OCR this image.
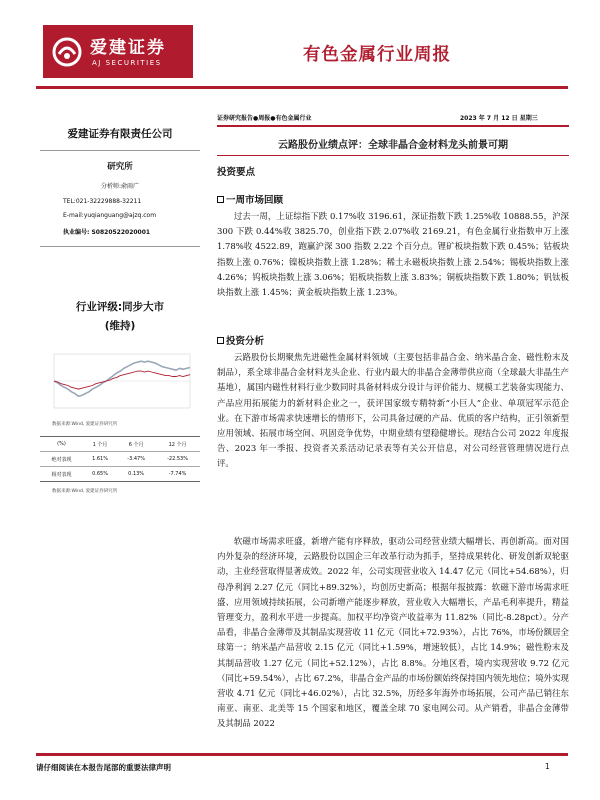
爱建证券
AJ SECURITIES	有色金属行业周报
爱建证券有限责任公司
研究所
分析师:俞雨广
TEL:021-32229888-32211
E-mail:yuqianguang@ajzq.com
执业编号: S0820522020001
行业评级:同步大市
(维持)
数据来源:Wind, 爱建证券研究所
(%)	1 个月	6 个月	12 个月
绝对表现	1.61%	-3.47%	-22.53%
相对表现	0.65%	0.13%	-7.74%
数据来源:Wind, 爱建证券研究所
证券研究报告●周报●有色金属行业	2023 年 7 月 12 日 星期三
云路股份业绩点评：全球非晶合金材料龙头前景可期
投资要点
一周市场回顾
过去一周，上证综指下跌 0.17%收 3196.61，深证指数下跌 1.25%收 10888.55，沪深 300 下跌 0.44%收 3825.70，创业指下跌 2.07%收 2169.21，有色金属行业指数申万上涨 1.78%收 4522.89，跑赢沪深 300 指数 2.22 个百分点。锂矿板块指数下跌 0.45%；钴板块指数上涨 0.76%；镍板块指数上涨 1.28%；稀土永磁板块指数上涨 2.54%；锡板块指数上涨 4.26%；钨板块指数上涨 3.06%；铝板块指数上涨 3.83%；铜板块指数下跌 1.80%；钒钛板块指数上涨 1.45%；黄金板块指数上涨 1.23%。
投资分析
云路股份长期聚焦先进磁性金属材料领域（主要包括非晶合金、纳米晶合金、磁性粉末及制品），系全球非晶合金材料龙头企业、行业内最大的非晶合金薄带供应商（全球最大非晶生产基地），属国内磁性材料行业少数同时具备材料成分设计与评价能力、规模工艺装备实现能力、产品应用拓展能力的新材料企业之一，获评国家级专精特新“小巨人”企业、单项冠军示范企业。在下游市场需求快速增长的情形下，公司具备过硬的产品、优质的客户结构，正引领新型应用领域、拓展市场空间、巩固竞争优势，中期业绩有望稳健增长。现结合公司 2022 年度报告、2023 年一季报、投资者关系活动记录表等有关公开信息，对公司经营管理情况进行点评。
软磁市场需求旺盛，新增产能有序释放，驱动公司经营业绩大幅增长、再创新高。面对国内外复杂的经济环境，云路股份以国企三年改革行动为抓手，坚持成果转化、研发创新双轮驱动，主业经营取得显著成效。2022 年，公司实现营业收入 14.47 亿元（同比+54.68%），归母净利润 2.27 亿元（同比+89.32%），均创历史新高；根据年报披露：软磁下游市场需求旺盛、应用领域持续拓展，公司新增产能逐步释放，营业收入大幅增长，产品毛利率提升，精益管理变力，盈利水平进一步提高。加权平均净资产收益率为 11.82%（同比-8.28pct）。分产品看，非晶合金薄带及其制品实现营收 11 亿元（同比+72.93%），占比 76%，市场份额居全球第一；纳米晶产品营收 2.15 亿元（同比+1.59%，增速较低），占比 14.9%；磁性粉末及其制品营收 1.27 亿元（同比+52.12%），占比 8.8%。分地区看，境内实现营收 9.72 亿元（同比+59.54%），占比 67.2%，非晶合金产品的市场份额始终保持国内领先地位；境外实现营收 4.71 亿元（同比+46.02%），占比 32.5%，历经多年海外市场拓展，公司产品已销往东南亚、南亚、北美等 15 个国家和地区，覆盖全球 70 家电网公司。从产销看，非晶合金薄带及其制品 2022
请仔细阅读在本报告尾部的重要法律声明	1
